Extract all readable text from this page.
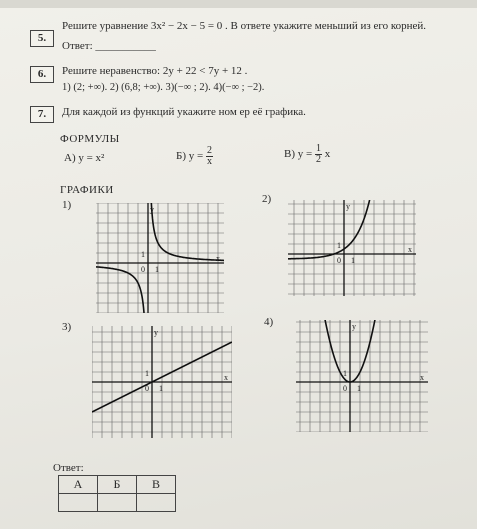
5.
Решите уравнение 3x² − 2x − 5 = 0 . В ответе укажите меньший из его корней.
Ответ: ___________
6.	Решите неравенство: 2y + 22 < 7y + 12 .
1) (2; +∞). 2) (6,8; +∞). 3)(−∞ ; 2). 4)(−∞ ; −2).
7.	Для каждой из функций укажите ном ер её графика.
ФОРМУЛЫ
А) y = x²	Б) $y = \frac{2}{x}$	В) $y = \frac{1}{2}$ x
ГРАФИКИ
1)	2)
3)	4)
y
x
0 1
1
y
x
0 1
1
y
x
0 1
1
y
x
0 1
1
Ответ:
А	Б	В
